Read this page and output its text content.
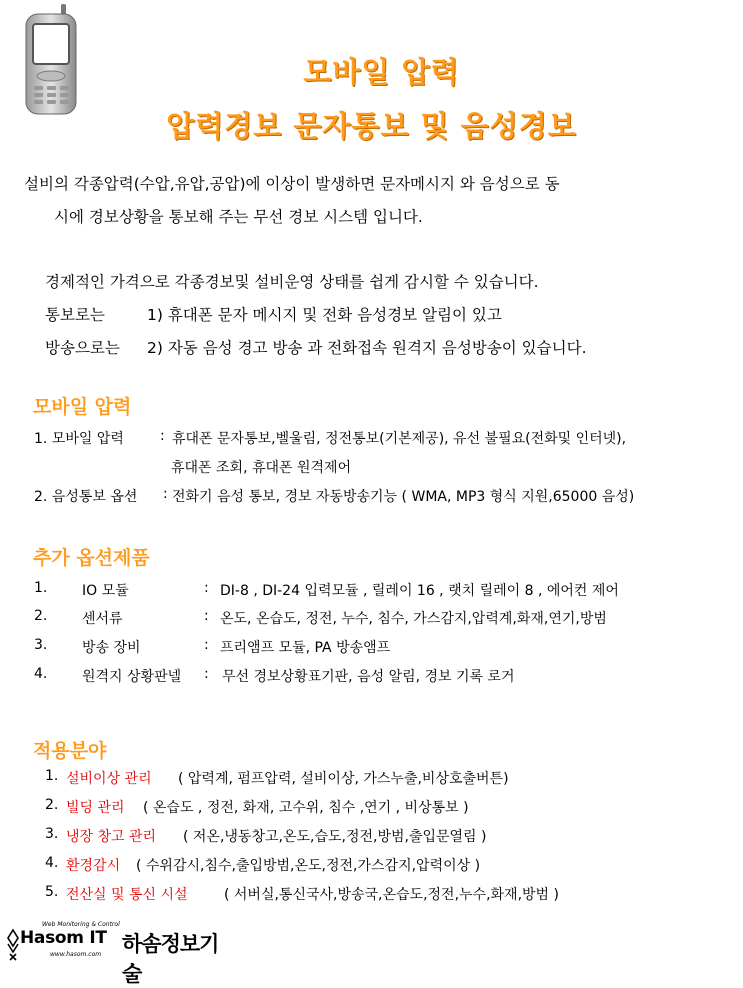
모바일 압력
압력경보 문자통보 및 음성경보
설비의 각종압력(수압,유압,공압)에 이상이 발생하면 문자메시지 와 음성으로 동
시에 경보상황을 통보해 주는 무선 경보 시스템 입니다.
경제적인 가격으로 각종경보및 설비운영 상태를 쉽게 감시할 수 있습니다.
통보로는	1) 휴대폰 문자 메시지 및 전화 음성경보 알림이 있고
방송으로는 2) 자동 음성 경고 방송 과 전화접속 원격지 음성방송이 있습니다.
모바일 압력
1. 모바일 압력	: 휴대폰 문자통보,벨울림, 정전통보(기본제공), 유선 불필요(전화및 인터넷),
휴대폰 조회, 휴대폰 원격제어
2. 음성통보 옵션 : 전화기 음성 통보, 경보 자동방송기능 ( WMA, MP3 형식 지원,65000 음성)
추가 옵션제품
1. IO 모듈	: DI-8 , DI-24 입력모듈 , 릴레이 16 , 랫치 릴레이 8 , 에어컨 제어
2. 센서류	: 온도, 온습도, 정전, 누수, 침수, 가스감지,압력계,화재,연기,방범
3. 방송 장비	: 프리앰프 모듈, PA 방송앰프
4. 원격지 상황판넬 : 무선 경보상황표기판, 음성 알림, 경보 기록 로거
적용분야
1. 설비이상 관리 ( 압력계, 펌프압력, 설비이상, 가스누출,비상호출버튼)
2. 빌딩 관리 ( 온습도 , 정전, 화재, 고수위, 침수 ,연기 , 비상통보 )
3. 냉장 창고 관리 ( 저온,냉동창고,온도,습도,정전,방범,출입문열림 )
4. 환경감시 ( 수위감시,침수,출입방범,온도,정전,가스감지,압력이상 )
5. 전산실 및 통신 시설	( 서버실,통신국사,방송국,온습도,정전,누수,화재,방범 )
Web Monitoring & Control
Hasom IT
www.hasom.com 하솜정보기술
